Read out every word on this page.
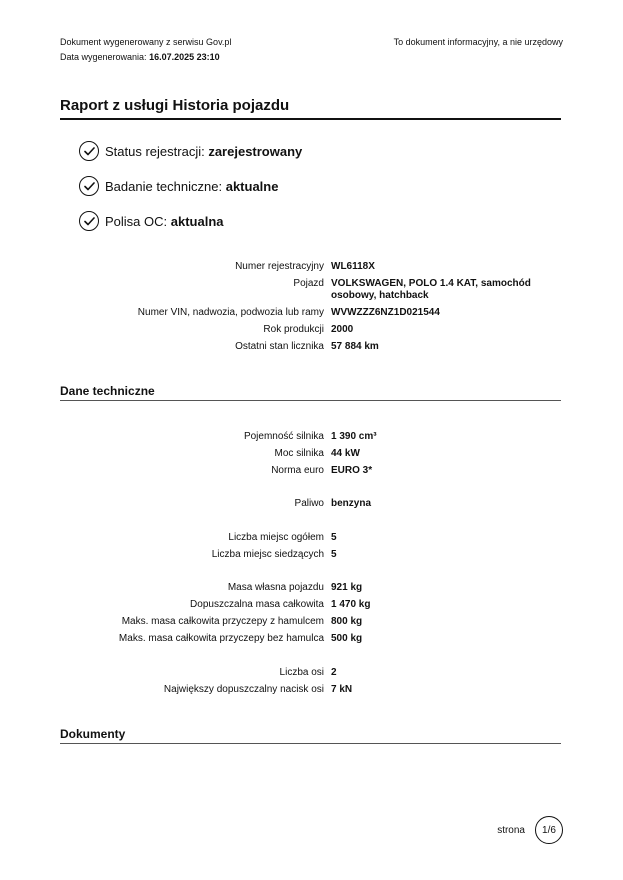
Dokument wygenerowany z serwisu Gov.pl
Data wygenerowania: 16.07.2025 23:10
To dokument informacyjny, a nie urzędowy
Raport z usługi Historia pojazdu
Status rejestracji:
zarejestrowany
Badanie techniczne:
aktualne
Polisa OC:
aktualna
Numer rejestracyjny	WL6118X
Pojazd	VOLKSWAGEN, POLO 1.4 KAT, samochód osobowy, hatchback
Numer VIN, nadwozia, podwozia lub ramy	WVWZZZ6NZ1D021544
Rok produkcji	2000
Ostatni stan licznika	57 884 km
Dane techniczne
Pojemność silnika	1 390 cm³
Moc silnika	44 kW
Norma euro	EURO 3*

Paliwo	benzyna

Liczba miejsc ogółem	5
Liczba miejsc siedzących	5

Masa własna pojazdu	921 kg
Dopuszczalna masa całkowita	1 470 kg
Maks. masa całkowita przyczepy z hamulcem	800 kg
Maks. masa całkowita przyczepy bez hamulca	500 kg

Liczba osi	2
Największy dopuszczalny nacisk osi	7 kN
Dokumenty
strona	1/6
